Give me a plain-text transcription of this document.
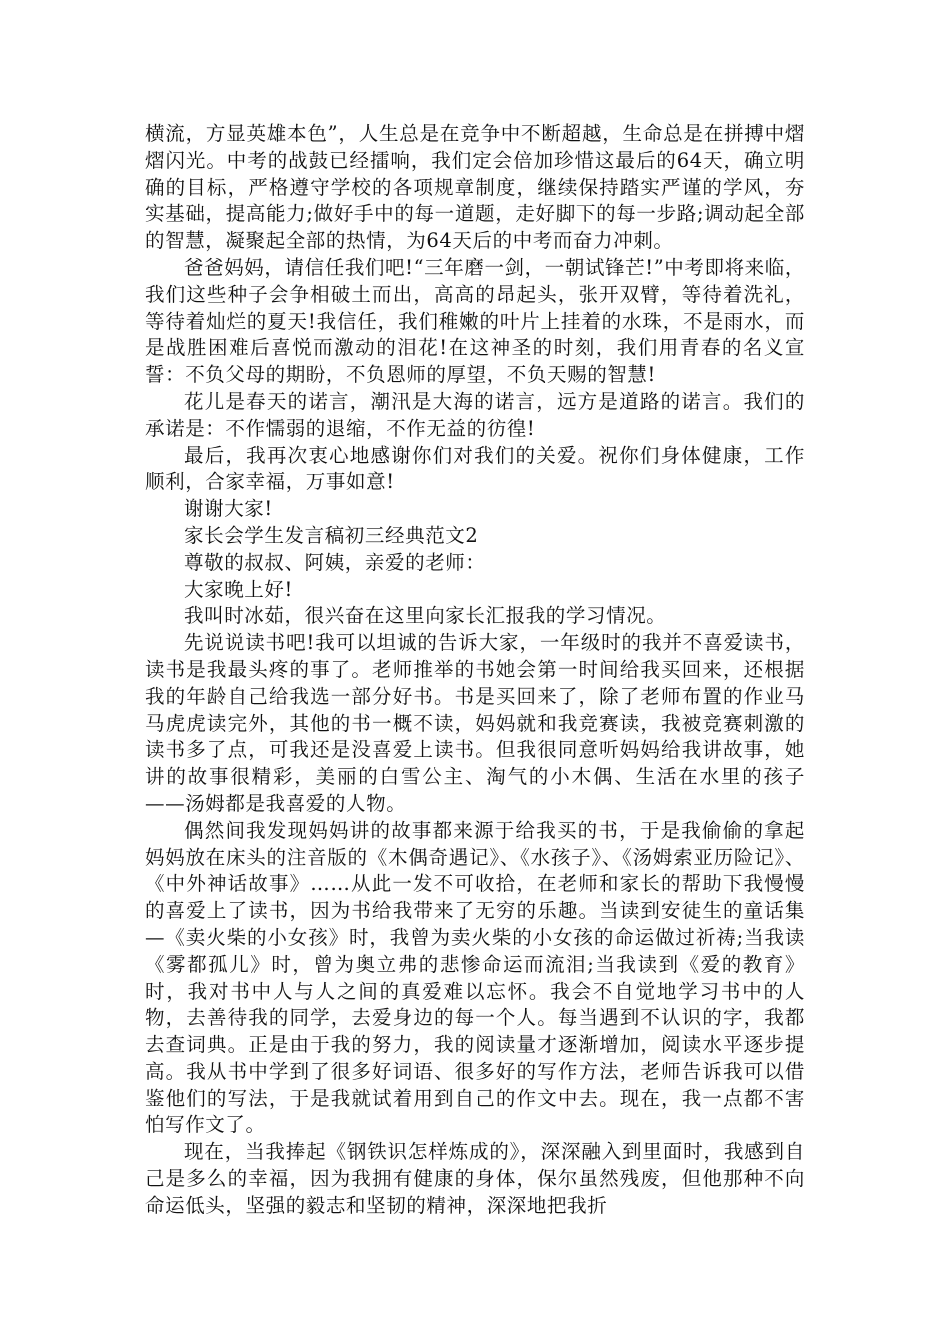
横流，方显英雄本色”，人生总是在竞争中不断超越，生命总是在拼搏中熠熠闪光。中考的战鼓已经擂响，我们定会倍加珍惜这最后的64天，确立明确的目标，严格遵守学校的各项规章制度，继续保持踏实严谨的学风，夯实基础，提高能力;做好手中的每一道题，走好脚下的每一步路;调动起全部的智慧，凝聚起全部的热情，为64天后的中考而奋力冲刺。

爸爸妈妈，请信任我们吧!“三年磨一剑，一朝试锋芒!”中考即将来临，我们这些种子会争相破土而出，高高的昂起头，张开双臂，等待着洗礼，等待着灿烂的夏天!我信任，我们稚嫩的叶片上挂着的水珠，不是雨水，而是战胜困难后喜悦而激动的泪花!在这神圣的时刻，我们用青春的名义宣誓：不负父母的期盼，不负恩师的厚望，不负天赐的智慧!

花儿是春天的诺言，潮汛是大海的诺言，远方是道路的诺言。我们的承诺是：不作懦弱的退缩，不作无益的彷徨!

最后，我再次衷心地感谢你们对我们的关爱。祝你们身体健康，工作顺利，合家幸福，万事如意!

谢谢大家!

家长会学生发言稿初三经典范文2

尊敬的叔叔、阿姨，亲爱的老师：

大家晚上好!

我叫时冰茹，很兴奋在这里向家长汇报我的学习情况。

先说说读书吧!我可以坦诚的告诉大家，一年级时的我并不喜爱读书，读书是我最头疼的事了。老师推举的书她会第一时间给我买回来，还根据我的年龄自己给我选一部分好书。书是买回来了，除了老师布置的作业马马虎虎读完外，其他的书一概不读，妈妈就和我竞赛读，我被竞赛刺激的读书多了点，可我还是没喜爱上读书。但我很同意听妈妈给我讲故事，她讲的故事很精彩，美丽的白雪公主、淘气的小木偶、生活在水里的孩子——汤姆都是我喜爱的人物。

偶然间我发现妈妈讲的故事都来源于给我买的书，于是我偷偷的拿起妈妈放在床头的注音版的《木偶奇遇记》、《水孩子》、《汤姆索亚历险记》、《中外神话故事》……从此一发不可收拾，在老师和家长的帮助下我慢慢的喜爱上了读书，因为书给我带来了无穷的乐趣。当读到安徒生的童话集—《卖火柴的小女孩》时，我曾为卖火柴的小女孩的命运做过祈祷;当我读《雾都孤儿》时，曾为奥立弗的悲惨命运而流泪;当我读到《爱的教育》时，我对书中人与人之间的真爱难以忘怀。我会不自觉地学习书中的人物，去善待我的同学，去爱身边的每一个人。每当遇到不认识的字，我都去查词典。正是由于我的努力，我的阅读量才逐渐增加，阅读水平逐步提高。我从书中学到了很多好词语、很多好的写作方法，老师告诉我可以借鉴他们的写法，于是我就试着用到自己的作文中去。现在，我一点都不害怕写作文了。

现在，当我捧起《钢铁识怎样炼成的》，深深融入到里面时，我感到自己是多么的幸福，因为我拥有健康的身体，保尔虽然残废，但他那种不向命运低头，坚强的毅志和坚韧的精神，深深地把我折
